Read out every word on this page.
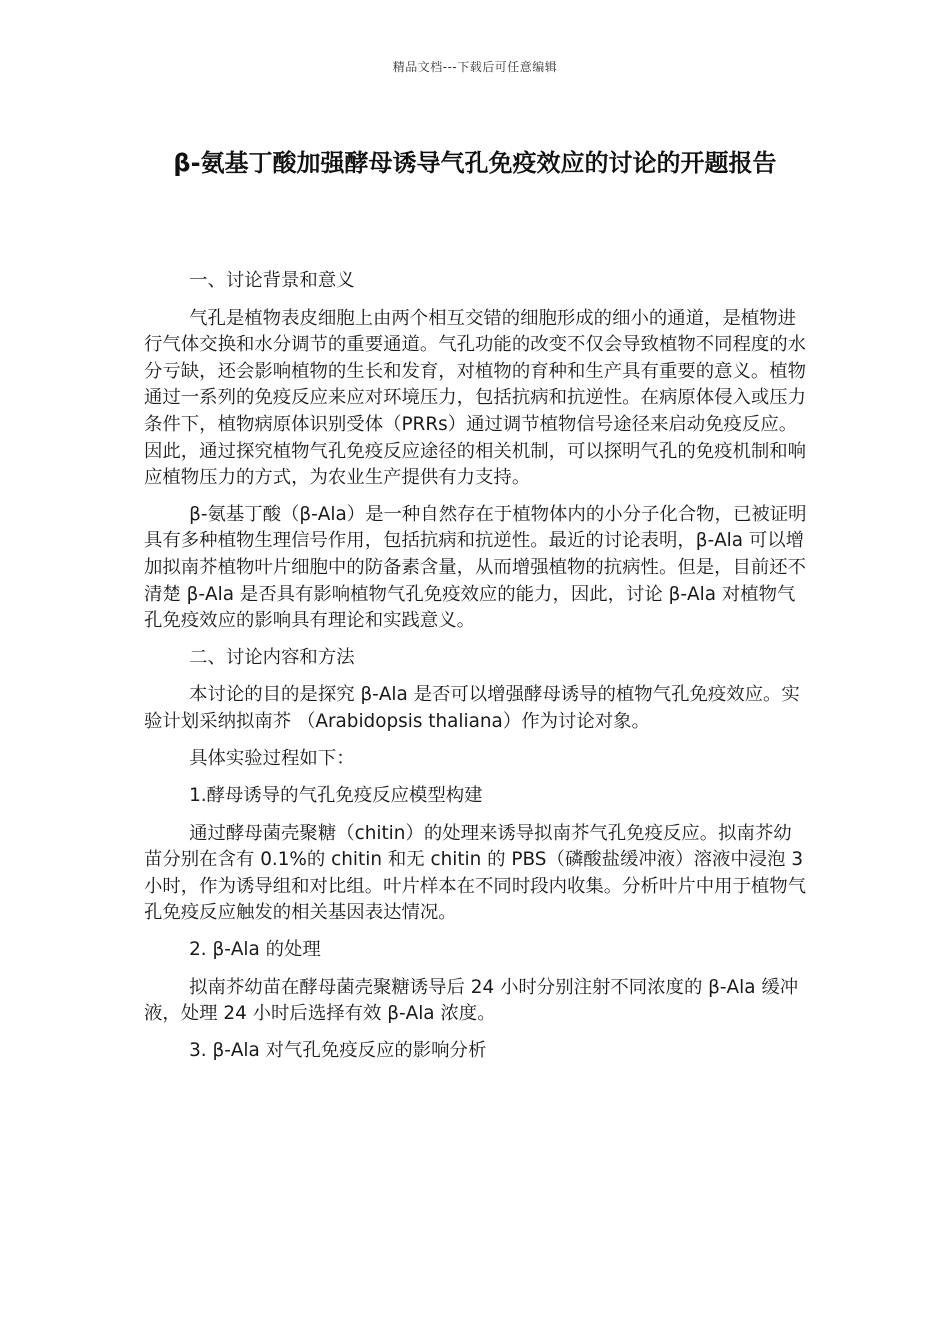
精品文档---下载后可任意编辑
β-氨基丁酸加强酵母诱导气孔免疫效应的讨论的开题报告

一、讨论背景和意义

气孔是植物表皮细胞上由两个相互交错的细胞形成的细小的通道，是植物进行气体交换和水分调节的重要通道。气孔功能的改变不仅会导致植物不同程度的水分亏缺，还会影响植物的生长和发育，对植物的育种和生产具有重要的意义。植物通过一系列的免疫反应来应对环境压力，包括抗病和抗逆性。在病原体侵入或压力条件下，植物病原体识别受体（PRRs）通过调节植物信号途径来启动免疫反应。因此，通过探究植物气孔免疫反应途径的相关机制，可以探明气孔的免疫机制和响应植物压力的方式，为农业生产提供有力支持。

β-氨基丁酸（β-Ala）是一种自然存在于植物体内的小分子化合物，已被证明具有多种植物生理信号作用，包括抗病和抗逆性。最近的讨论表明，β-Ala 可以增加拟南芥植物叶片细胞中的防备素含量，从而增强植物的抗病性。但是，目前还不清楚 β-Ala 是否具有影响植物气孔免疫效应的能力，因此，讨论 β-Ala 对植物气孔免疫效应的影响具有理论和实践意义。

二、讨论内容和方法

本讨论的目的是探究 β-Ala 是否可以增强酵母诱导的植物气孔免疫效应。实验计划采纳拟南芥 （Arabidopsis thaliana）作为讨论对象。

具体实验过程如下：

1.酵母诱导的气孔免疫反应模型构建

通过酵母菌壳聚糖（chitin）的处理来诱导拟南芥气孔免疫反应。拟南芥幼苗分别在含有 0.1%的 chitin 和无 chitin 的 PBS（磷酸盐缓冲液）溶液中浸泡 3 小时，作为诱导组和对比组。叶片样本在不同时段内收集。分析叶片中用于植物气孔免疫反应触发的相关基因表达情况。

2. β-Ala 的处理

拟南芥幼苗在酵母菌壳聚糖诱导后 24 小时分别注射不同浓度的 β-Ala 缓冲液，处理 24 小时后选择有效 β-Ala 浓度。

3. β-Ala 对气孔免疫反应的影响分析
